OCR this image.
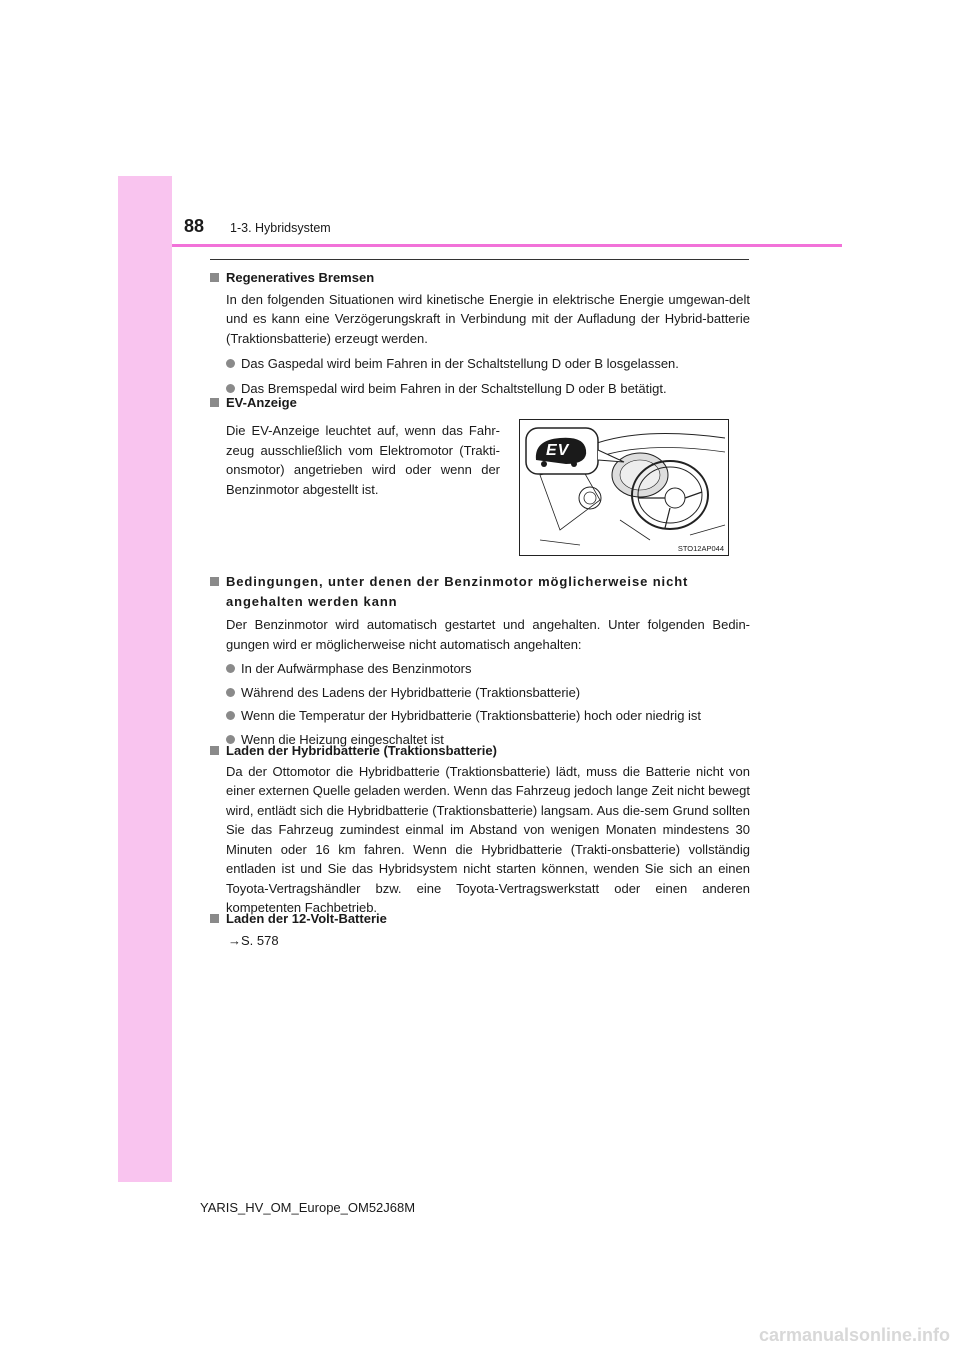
88 1-3. Hybridsystem
Regeneratives Bremsen
In den folgenden Situationen wird kinetische Energie in elektrische Energie umgewan-delt und es kann eine Verzögerungskraft in Verbindung mit der Aufladung der Hybrid-batterie (Traktionsbatterie) erzeugt werden.
Das Gaspedal wird beim Fahren in der Schaltstellung D oder B losgelassen.
Das Bremspedal wird beim Fahren in der Schaltstellung D oder B betätigt.
EV-Anzeige
Die EV-Anzeige leuchtet auf, wenn das Fahr-zeug ausschließlich vom Elektromotor (Trakti-onsmotor) angetrieben wird oder wenn der Benzinmotor abgestellt ist.
EV
STO12AP044
Bedingungen, unter denen der Benzinmotor möglicherweise nicht angehalten werden kann
Der Benzinmotor wird automatisch gestartet und angehalten. Unter folgenden Bedin-gungen wird er möglicherweise nicht automatisch angehalten:
In der Aufwärmphase des Benzinmotors
Während des Ladens der Hybridbatterie (Traktionsbatterie)
Wenn die Temperatur der Hybridbatterie (Traktionsbatterie) hoch oder niedrig ist
Wenn die Heizung eingeschaltet ist
Laden der Hybridbatterie (Traktionsbatterie)
Da der Ottomotor die Hybridbatterie (Traktionsbatterie) lädt, muss die Batterie nicht von einer externen Quelle geladen werden. Wenn das Fahrzeug jedoch lange Zeit nicht bewegt wird, entlädt sich die Hybridbatterie (Traktionsbatterie) langsam. Aus die-sem Grund sollten Sie das Fahrzeug zumindest einmal im Abstand von wenigen Monaten mindestens 30 Minuten oder 16 km fahren. Wenn die Hybridbatterie (Trakti-onsbatterie) vollständig entladen ist und Sie das Hybridsystem nicht starten können, wenden Sie sich an einen Toyota-Vertragshändler bzw. eine Toyota-Vertragswerkstatt oder einen anderen kompetenten Fachbetrieb.
Laden der 12-Volt-Batterie
→S. 578
YARIS_HV_OM_Europe_OM52J68M
carmanualsonline.info
